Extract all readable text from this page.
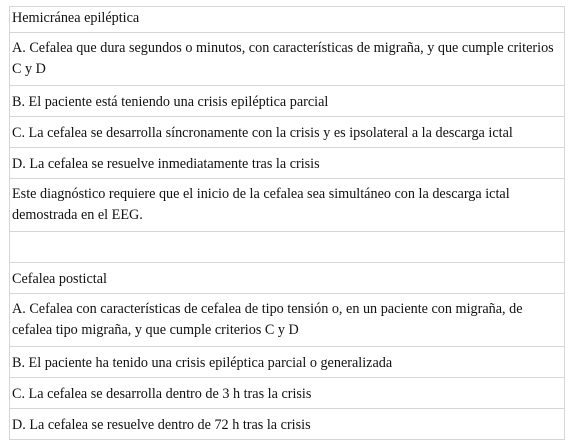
Hemicránea epiléptica
A. Cefalea que dura segundos o minutos, con características de migraña, y que cumple criterios C y D
B. El paciente está teniendo una crisis epiléptica parcial
C. La cefalea se desarrolla síncronamente con la crisis y es ipsolateral a la descarga ictal
D. La cefalea se resuelve inmediatamente tras la crisis
Este diagnóstico requiere que el inicio de la cefalea sea simultáneo con la descarga ictal demostrada en el EEG.

Cefalea postictal
A. Cefalea con características de cefalea de tipo tensión o, en un paciente con migraña, de cefalea tipo migraña, y que cumple criterios C y D
B. El paciente ha tenido una crisis epiléptica parcial o generalizada
C. La cefalea se desarrolla dentro de 3 h tras la crisis
D. La cefalea se resuelve dentro de 72 h tras la crisis
